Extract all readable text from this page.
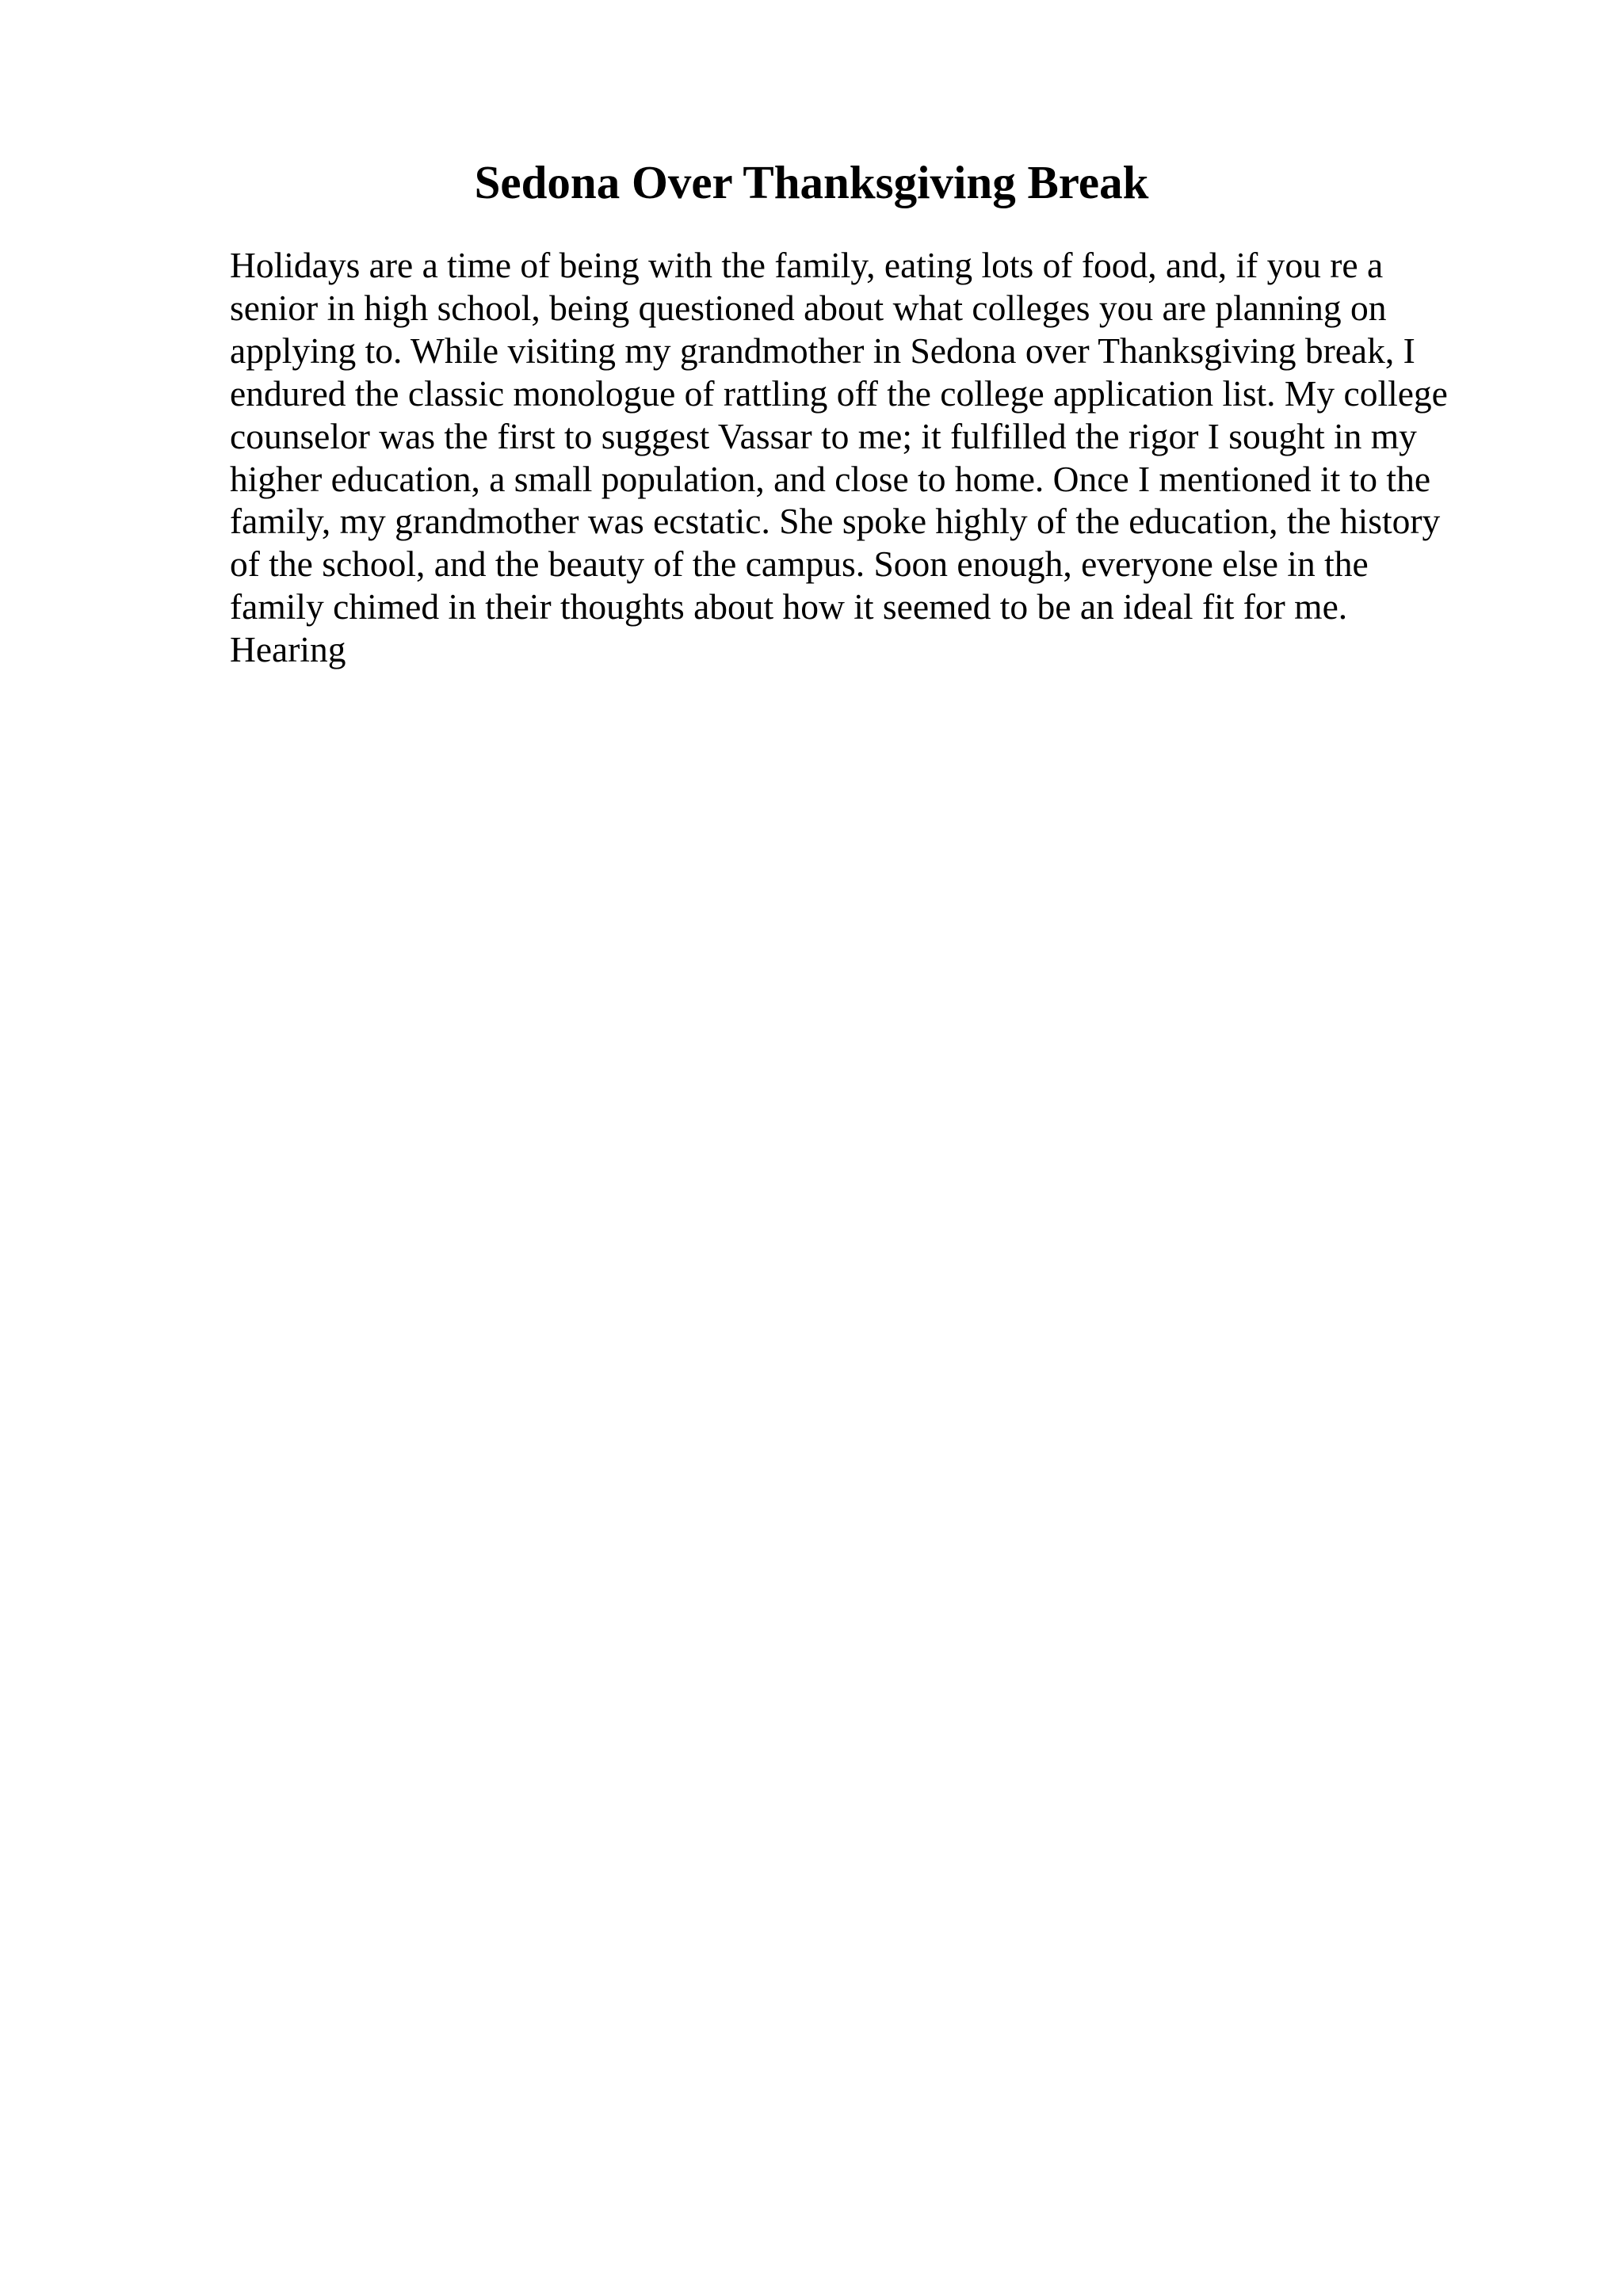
Sedona Over Thanksgiving Break
Holidays are a time of being with the family, eating lots of food, and, if you re a
senior in high school, being questioned about what colleges you are planning on
applying to. While visiting my grandmother in Sedona over Thanksgiving break, I
endured the classic monologue of rattling off the college application list. My college
counselor was the first to suggest Vassar to me; it fulfilled the rigor I sought in my
higher education, a small population, and close to home. Once I mentioned it to the
family, my grandmother was ecstatic. She spoke highly of the education, the history
of the school, and the beauty of the campus. Soon enough, everyone else in the
family chimed in their thoughts about how it seemed to be an ideal fit for me.
Hearing
